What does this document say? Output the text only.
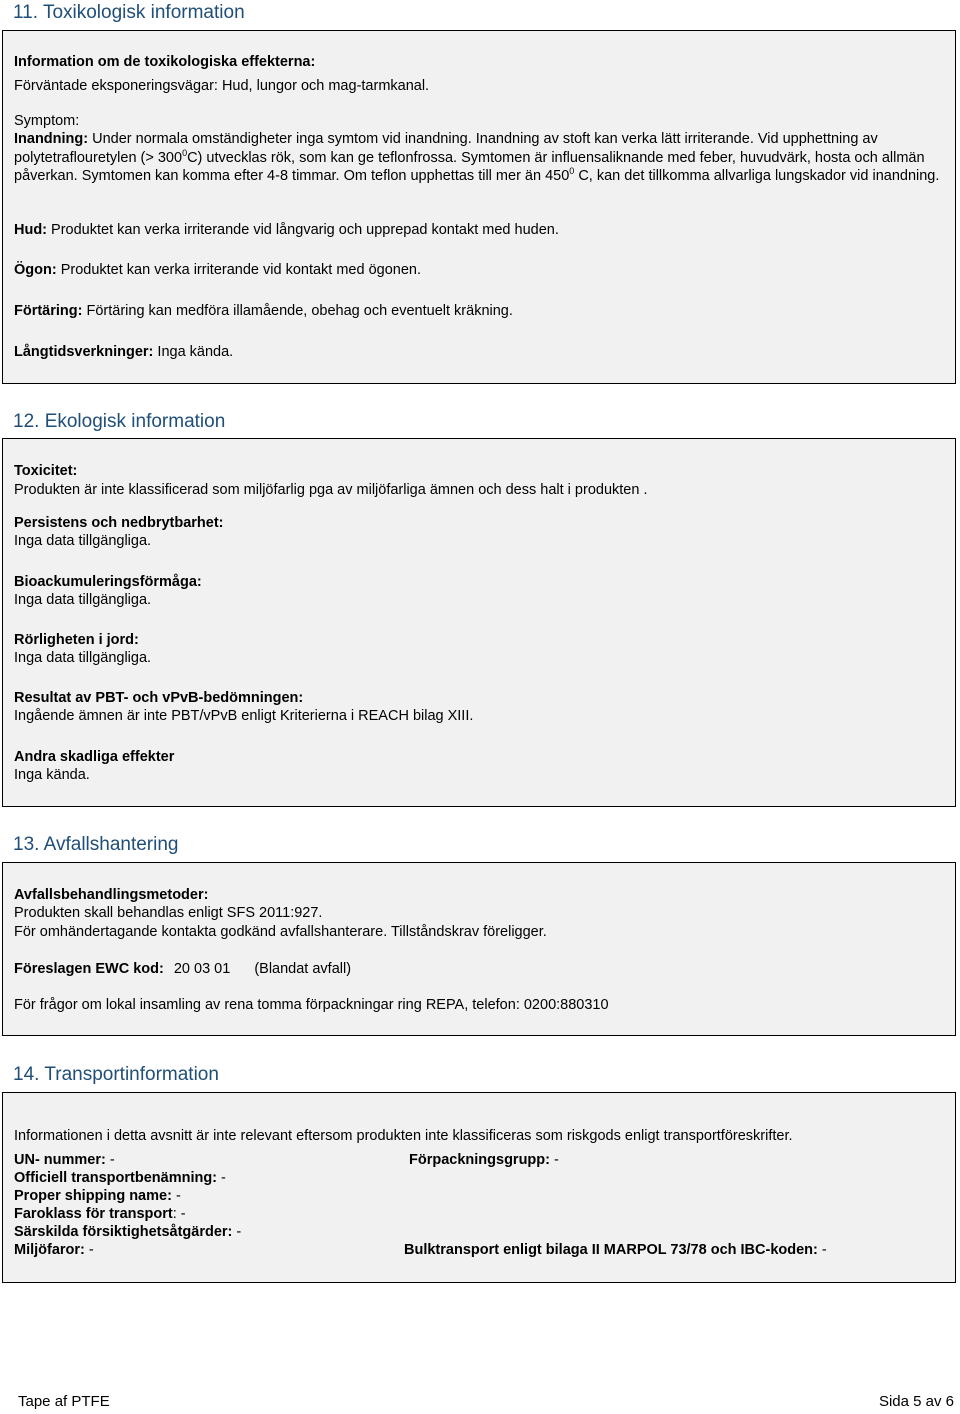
11. Toxikologisk information

Information om de toxikologiska effekterna:

Förväntade eksponeringsvägar: Hud, lungor och mag-tarmkanal.

Symptom:

Inandning: Under normala omständigheter inga symtom vid inandning. Inandning av stoft kan verka lätt irriterande. Vid upphettning av polytetraflouretylen (> $300^0C$) utvecklas rök, som kan ge teflonfrossa. Symtomen är influensaliknande med feber, huvudvärk, hosta och allmän påverkan. Symtomen kan komma efter 4-8 timmar. Om teflon upphettas till mer än $450^0$ C, kan det tillkomma allvarliga lungskador vid inandning.

Hud: Produktet kan verka irriterande vid långvarig och upprepad kontakt med huden.

Ögon: Produktet kan verka irriterande vid kontakt med ögonen.

Förtäring: Förtäring kan medföra illamående, obehag och eventuelt kräkning.

Långtidsverkninger: Inga kända.

12. Ekologisk information

Toxicitet:

Produkten är inte klassificerad som miljöfarlig pga av miljöfarliga ämnen och dess halt i produkten .

Persistens och nedbrytbarhet:

Inga data tillgängliga.

Bioackumuleringsförmåga:

Inga data tillgängliga.

Rörligheten i jord:

Inga data tillgängliga.

Resultat av PBT- och vPvB-bedömningen:

Ingående ämnen är inte PBT/vPvB enligt Kriterierna i REACH bilag XIII.

Andra skadliga effekter

Inga kända.

13. Avfallshantering

Avfallsbehandlingsmetoder:

Produkten skall behandlas enligt SFS 2011:927.

För omhändertagande kontakta godkänd avfallshanterare. Tillståndskrav föreligger.

Föreslagen EWC kod: 20 03 01 (Blandat avfall)

För frågor om lokal insamling av rena tomma förpackningar ring REPA, telefon: 0200:880310

14. Transportinformation

Informationen i detta avsnitt är inte relevant eftersom produkten inte klassificeras som riskgods enligt transportföreskrifter.

UN- nummer: -	Förpackningsgrupp: -

Officiell transportbenämning: -

Proper shipping name: -

Faroklass för transport: -

Särskilda försiktighetsåtgärder: -

Miljöfaror: -	Bulktransport enligt bilaga II MARPOL 73/78 och IBC-koden: -

Tape af PTFE	Sida 5 av 6
